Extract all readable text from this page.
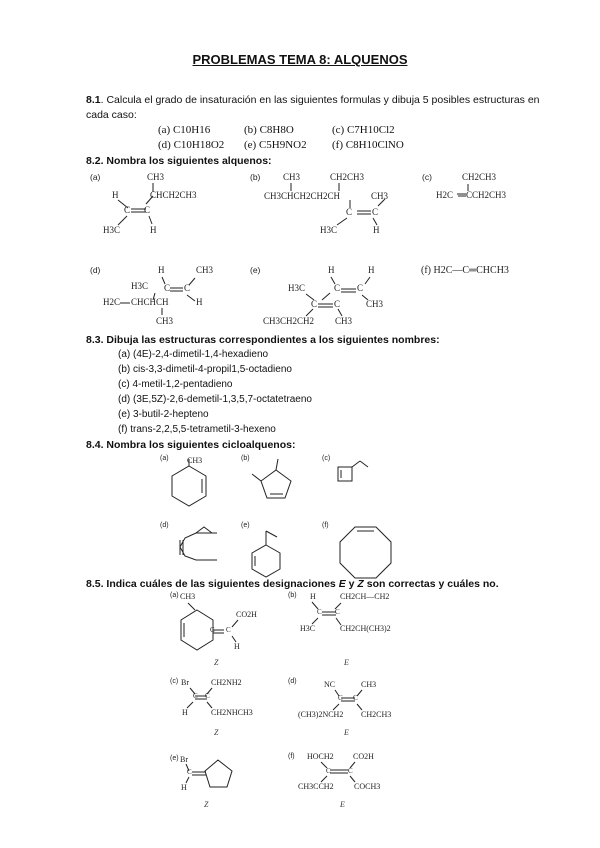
PROBLEMAS TEMA 8: ALQUENOS
8.1. Calcula el grado de insaturación en las siguientes formulas y dibuja 5 posibles estructuras en
cada caso:
(a) C10H16	(b) C8H8O	(c) C7H10Cl2
(d) C10H18O2 (e) C5H9NO2 (f) C8H10ClNO
8.2. Nombra los siguientes alquenos:
(a)	CH3
CHCH2CH3
H
C C
H3C	H
(b)	CH3	CH2CH3
CH3CHCH2CH2CH	CH3
C C
H3C	H
(c)	CH2CH3
H2C CCH2CH3
(d)	H	CH3
H3C C C
H2C CHCHCH	H
CH3
(e)	H	H
H3C	C C
C C	CH3
CH3CH2CH2 CH3
(f) H2C—C═CHCH3
8.3. Dibuja las estructuras correspondientes a los siguientes nombres:
(a) (4E)-2,4-dimetil-1,4-hexadieno
(b) cis-3,3-dimetil-4-propil1,5-octadieno
(c) 4-metil-1,2-pentadieno
(d) (3E,5Z)-2,6-demetil-1,3,5,7-octatetraeno
(e) 3-butil-2-hepteno
(f) trans-2,2,5,5-tetrametil-3-hexeno
8.4. Nombra los siguientes cicloalquenos:
(a) CH3	(b)	(c)
(d)	(e)	(f)
8.5. Indica cuáles de las siguientes designaciones E y Z son correctas y cuáles no.
(a) CH3
CO2H
C C
H
Z
(b) H	CH2CH—CH2
C C
H3C	CH2CH(CH3)2
E
(c) Br	CH2NH2
C C
H	CH2NHCH3
Z
(d)	NC	CH3
C C
(CH3)2NCH2 CH2CH3
E
(e) Br
C
H
Z
(f) HOCH2 CO2H
C C
CH3CCH2	COCH3
E
